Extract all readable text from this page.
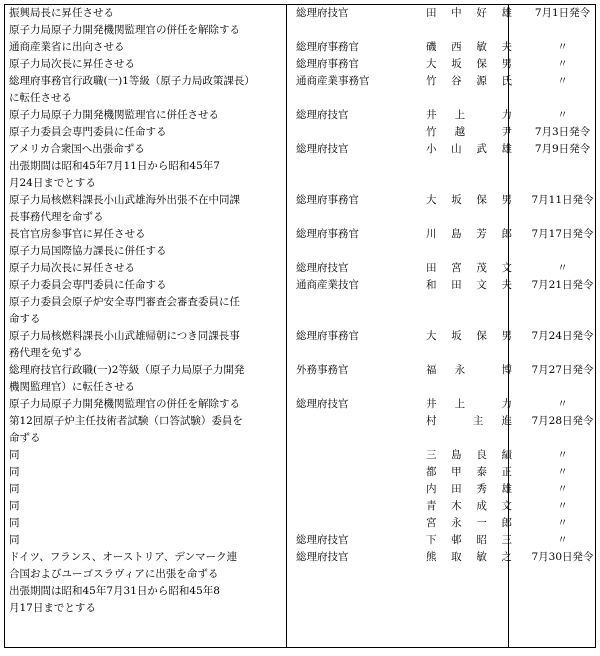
振興局長に昇任させる	総理府技官	田 中 好 雄	7月1日発令
原子力局原子力開発機関監理官の併任を解除する		

通商産業省に出向させる	総理府事務官	磯 西 敏 夫	〃
原子力局次長に昇任させる	総理府事務官	大 坂 保 男	〃
総理府事務官行政職(一)1等級（原子力局政策課長）	通商産業事務官	竹 谷 源 氏	〃
に転任させる		

原子力局原子力開発機関監理官に併任させる	総理府技官	井 上 力	〃
原子力委員会専門委員に任命する		竹 越 尹	7月3日発令
アメリカ合衆国へ出張命ずる	総理府技官	小 山 武 雄	7月9日発令
出張期間は昭和45年7月11日から昭和45年7		

月24日までとする		

原子力局核燃料課長小山武雄海外出張不在中同課	総理府事務官	大 坂 保 男	7月11日発令
長事務代理を命ずる		

長官官房参事官に昇任させる	総理府事務官	川 島 芳 郎	7月17日発令
原子力局国際協力課長に併任する		

原子力局次長に昇任させる	総理府技官	田 宮 茂 文	〃
原子力委員会専門委員に任命する	通商産業技官	和 田 文 夫	7月21日発令
原子力委員会原子炉安全専門審査会審査委員に任		

命する		

原子力局核燃料課長小山武雄帰朝につき同課長事	総理府事務官	大 坂 保 男	7月24日発令
務代理を免ずる		

総理府技官行政職(一)2等級（原子力局原子力開発	外務事務官	福 永 博	7月27日発令
機関監理官）に転任させる		

原子力局原子力開発機関監理官の併任を解除する	総理府技官	井 上 力	〃
第12回原子炉主任技術者試験（口答試験）委員を		村 主 進	7月28日発令
命ずる		

同		三 島 良 績	〃
同		都 甲 泰 正	〃
同		内 田 秀 雄	〃
同		青 木 成 文	〃
同		宮 永 一 郎	〃
同	総理府技官	下 邨 昭 三	〃
ドイツ、フランス、オーストリア、デンマーク連	総理府技官	熊 取 敏 之	7月30日発令
合国およびユーゴスラヴィアに出張を命ずる		

出張期間は昭和45年7月31日から昭和45年8		

月17日までとする		
